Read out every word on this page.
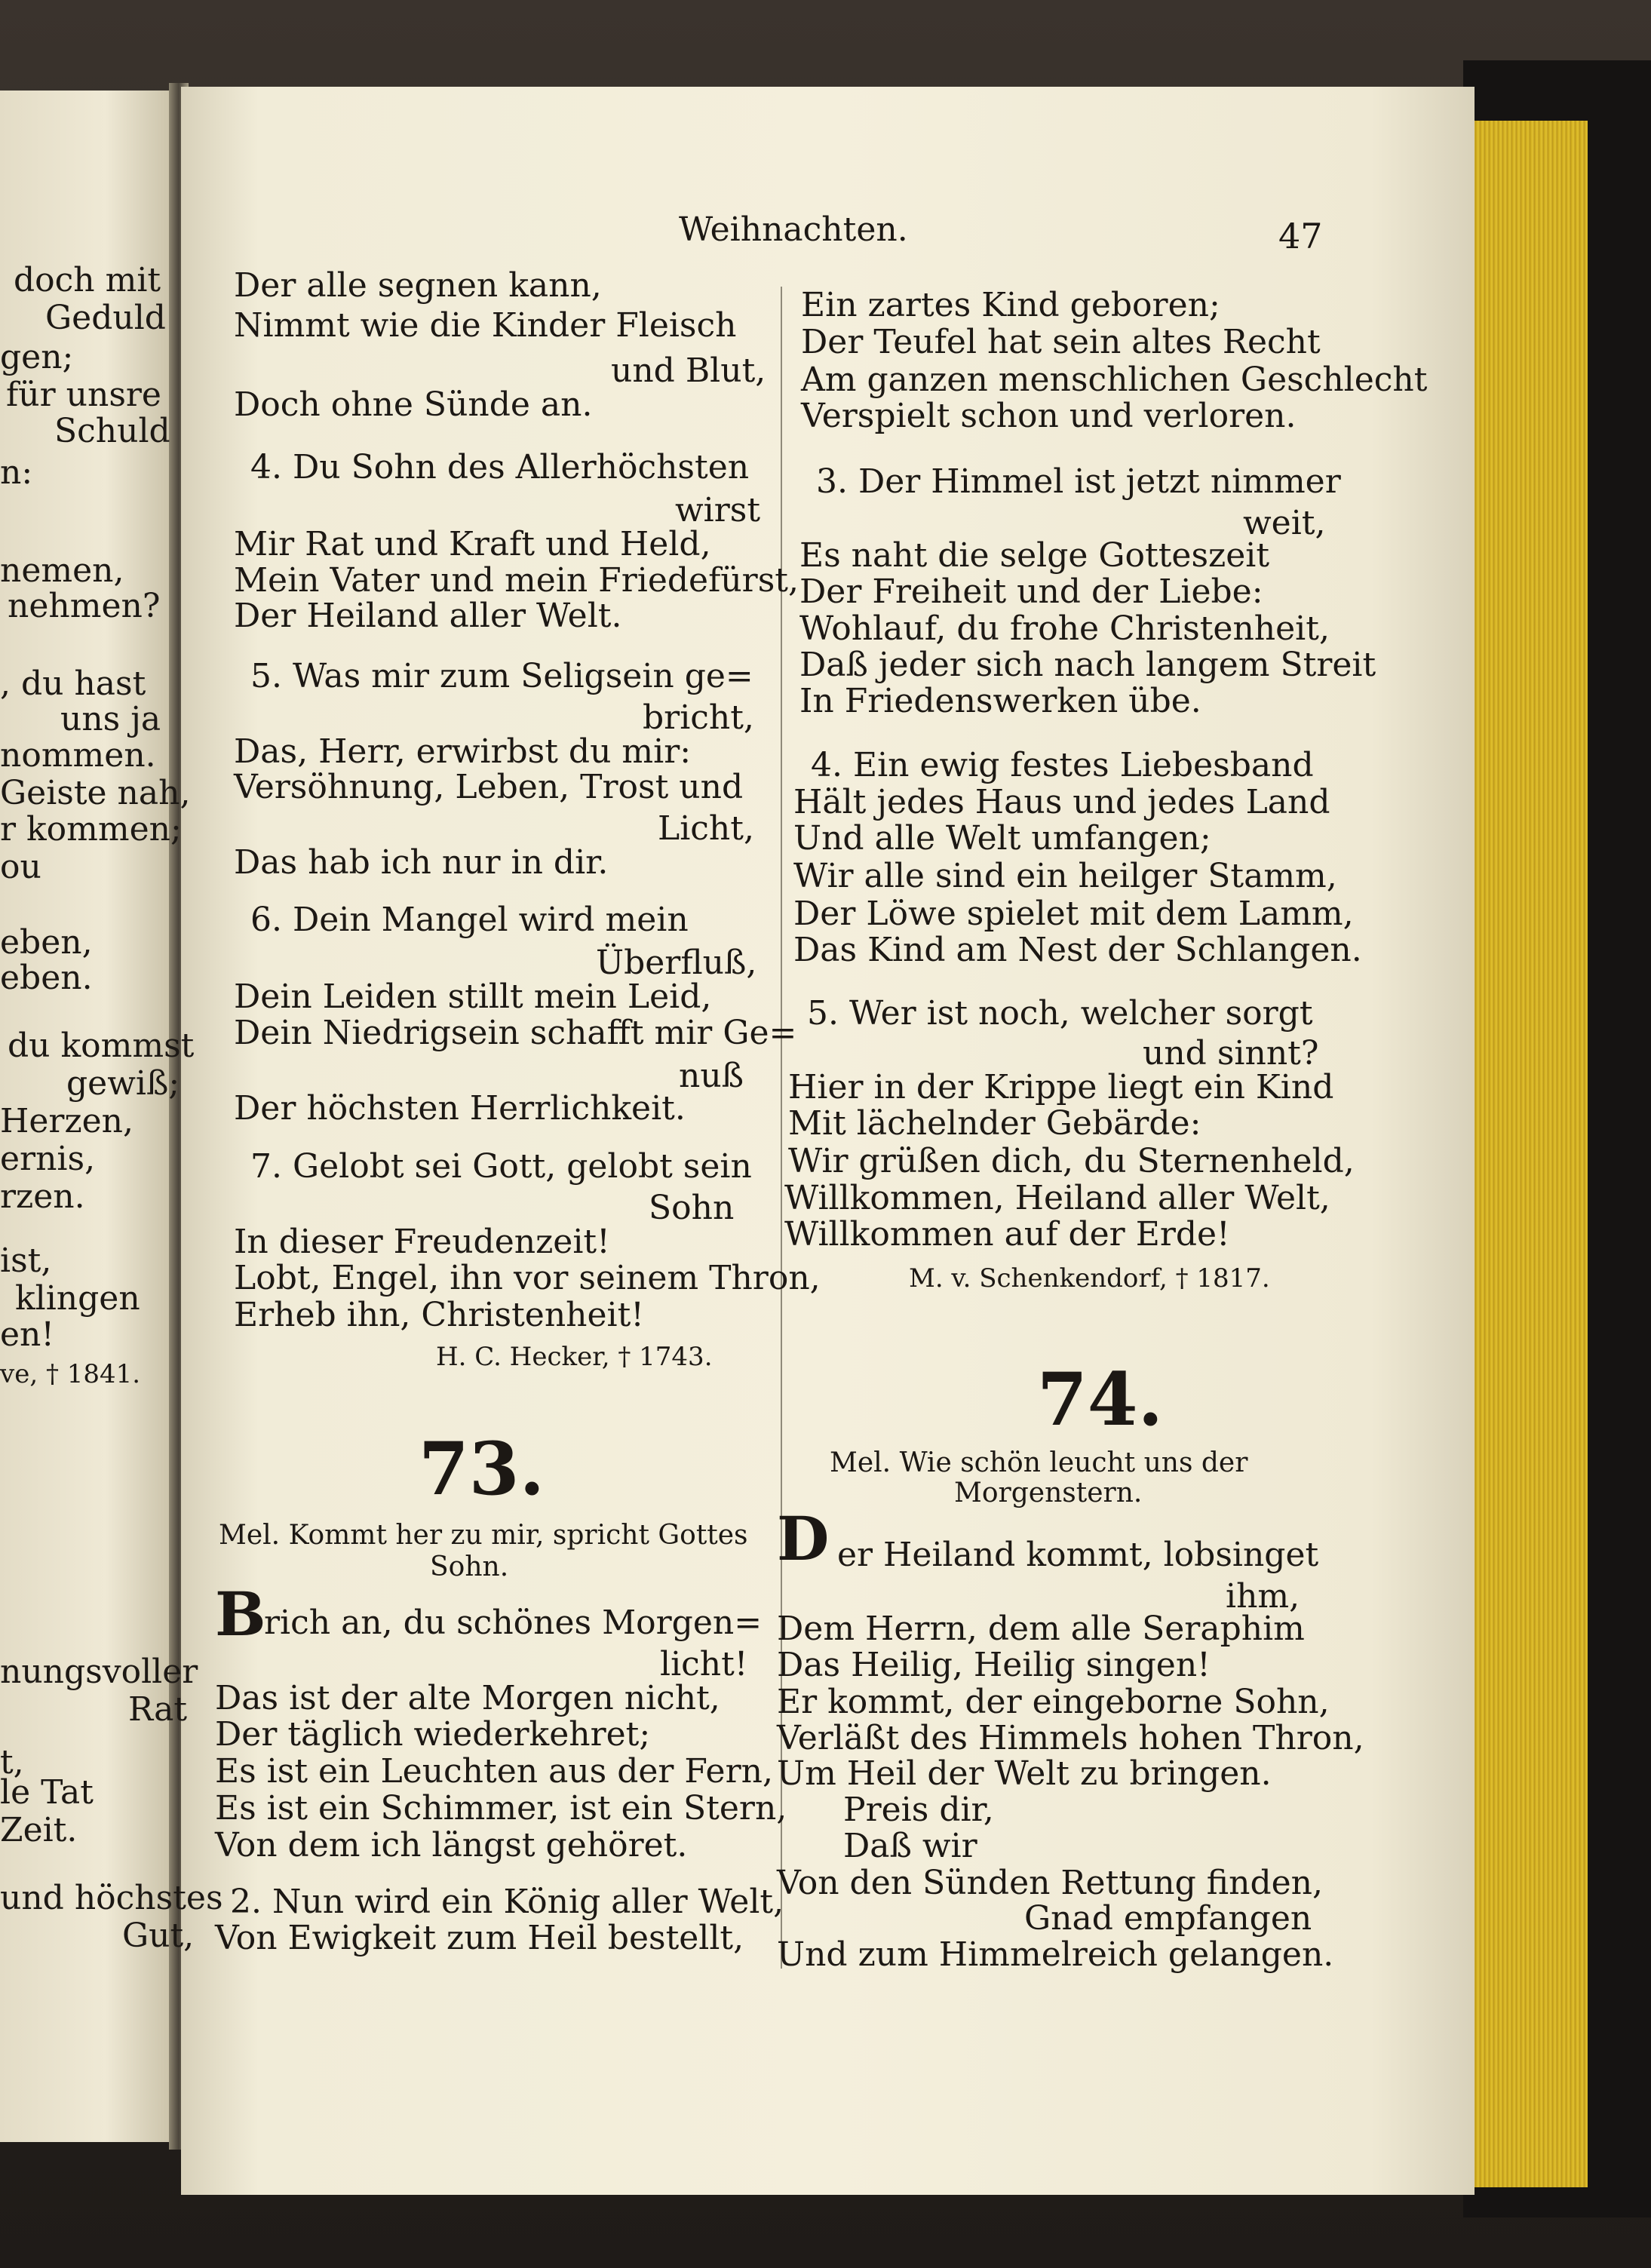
Weihnachten.	47
doch mit
Geduld
gen;
für unsre
Schuld
n:
nemen,
nehmen?
, du hast
uns ja
nommen.
Geiste nah,
r kommen;
ou
eben,
eben.
du kommst
gewiß;
Herzen,
ernis,
rzen.
ist,
klingen
en!
ve, † 1841.
nungsvoller
Rat
t,
le Tat
Zeit.
und höchstes
Gut,
Der alle segnen kann,
Nimmt wie die Kinder Fleisch
und Blut,
Doch ohne Sünde an.
4. Du Sohn des Allerhöchsten
wirst
Mir Rat und Kraft und Held,
Mein Vater und mein Friedefürst,
Der Heiland aller Welt.
5. Was mir zum Seligsein ge=
bricht,
Das, Herr, erwirbst du mir:
Versöhnung, Leben, Trost und
Licht,
Das hab ich nur in dir.
6. Dein Mangel wird mein
Überfluß,
Dein Leiden stillt mein Leid,
Dein Niedrigsein schafft mir Ge=
nuß
Der höchsten Herrlichkeit.
7. Gelobt sei Gott, gelobt sein
Sohn
In dieser Freudenzeit!
Lobt, Engel, ihn vor seinem Thron,
Erheb ihn, Christenheit!
H. C. Hecker, † 1743.
73.
Mel. Kommt her zu mir, spricht Gottes
Sohn.
B
rich an, du schönes Morgen=
licht!
Das ist der alte Morgen nicht,
Der täglich wiederkehret;
Es ist ein Leuchten aus der Fern,
Es ist ein Schimmer, ist ein Stern,
Von dem ich längst gehöret.
2. Nun wird ein König aller Welt,
Von Ewigkeit zum Heil bestellt,
Ein zartes Kind geboren;
Der Teufel hat sein altes Recht
Am ganzen menschlichen Geschlecht
Verspielt schon und verloren.
3. Der Himmel ist jetzt nimmer
weit,
Es naht die selge Gotteszeit
Der Freiheit und der Liebe:
Wohlauf, du frohe Christenheit,
Daß jeder sich nach langem Streit
In Friedenswerken übe.
4. Ein ewig festes Liebesband
Hält jedes Haus und jedes Land
Und alle Welt umfangen;
Wir alle sind ein heilger Stamm,
Der Löwe spielet mit dem Lamm,
Das Kind am Nest der Schlangen.
5. Wer ist noch, welcher sorgt
und sinnt?
Hier in der Krippe liegt ein Kind
Mit lächelnder Gebärde:
Wir grüßen dich, du Sternenheld,
Willkommen, Heiland aller Welt,
Willkommen auf der Erde!
M. v. Schenkendorf, † 1817.
74.
Mel. Wie schön leucht uns der
Morgenstern.
D er Heiland kommt, lobsinget
ihm,
Dem Herrn, dem alle Seraphim
Das Heilig, Heilig singen!
Er kommt, der eingeborne Sohn,
Verläßt des Himmels hohen Thron,
Um Heil der Welt zu bringen.
Preis dir,
Daß wir
Von den Sünden Rettung finden,
Gnad empfangen
Und zum Himmelreich gelangen.
